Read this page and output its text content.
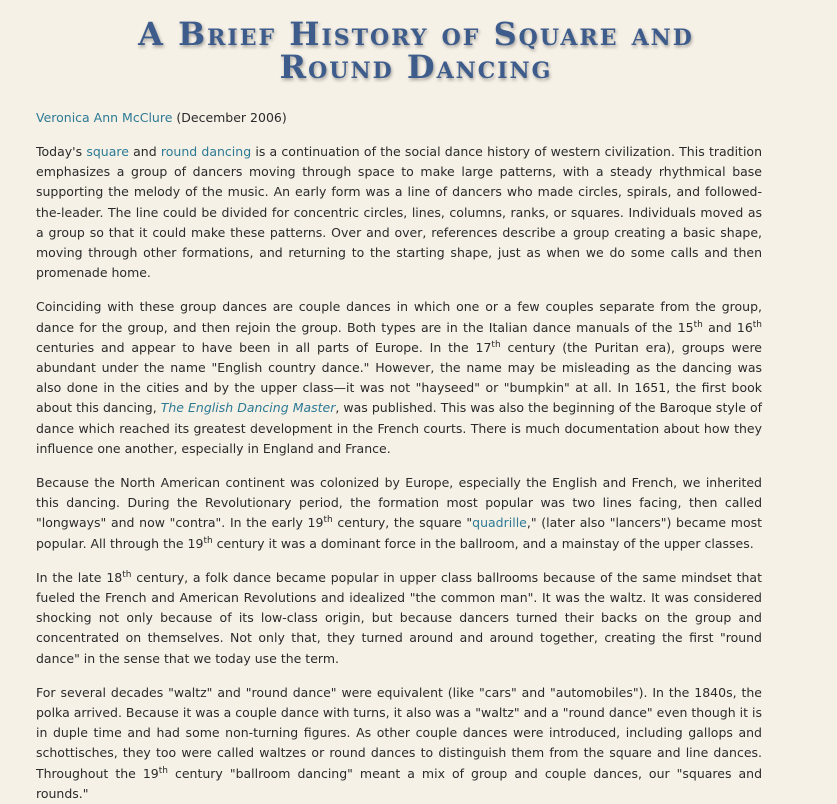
A Brief History of Square and
Round Dancing
Veronica Ann McClure (December 2006)

Today's square and round dancing is a continuation of the social dance history of western civilization. This tradition emphasizes a group of dancers moving through space to make large patterns, with a steady rhythmical base supporting the melody of the music. An early form was a line of dancers who made circles, spirals, and followed-the-leader. The line could be divided for concentric circles, lines, columns, ranks, or squares. Individuals moved as a group so that it could make these patterns. Over and over, references describe a group creating a basic shape, moving through other formations, and returning to the starting shape, just as when we do some calls and then promenade home.

Coinciding with these group dances are couple dances in which one or a few couples separate from the group, dance for the group, and then rejoin the group. Both types are in the Italian dance manuals of the 15th and 16th centuries and appear to have been in all parts of Europe. In the 17th century (the Puritan era), groups were abundant under the name "English country dance." However, the name may be misleading as the dancing was also done in the cities and by the upper class—it was not "hayseed" or "bumpkin" at all. In 1651, the first book about this dancing, The English Dancing Master, was published. This was also the beginning of the Baroque style of dance which reached its greatest development in the French courts. There is much documentation about how they influence one another, especially in England and France.

Because the North American continent was colonized by Europe, especially the English and French, we inherited this dancing. During the Revolutionary period, the formation most popular was two lines facing, then called "longways" and now "contra". In the early 19th century, the square "quadrille," (later also "lancers") became most popular. All through the 19th century it was a dominant force in the ballroom, and a mainstay of the upper classes.

In the late 18th century, a folk dance became popular in upper class ballrooms because of the same mindset that fueled the French and American Revolutions and idealized "the common man". It was the waltz. It was considered shocking not only because of its low-class origin, but because dancers turned their backs on the group and concentrated on themselves. Not only that, they turned around and around together, creating the first "round dance" in the sense that we today use the term.

For several decades "waltz" and "round dance" were equivalent (like "cars" and "automobiles"). In the 1840s, the polka arrived. Because it was a couple dance with turns, it also was a "waltz" and a "round dance" even though it is in duple time and had some non-turning figures. As other couple dances were introduced, including gallops and schottisches, they too were called waltzes or round dances to distinguish them from the square and line dances. Throughout the 19th century "ballroom dancing" meant a mix of group and couple dances, our "squares and rounds."
